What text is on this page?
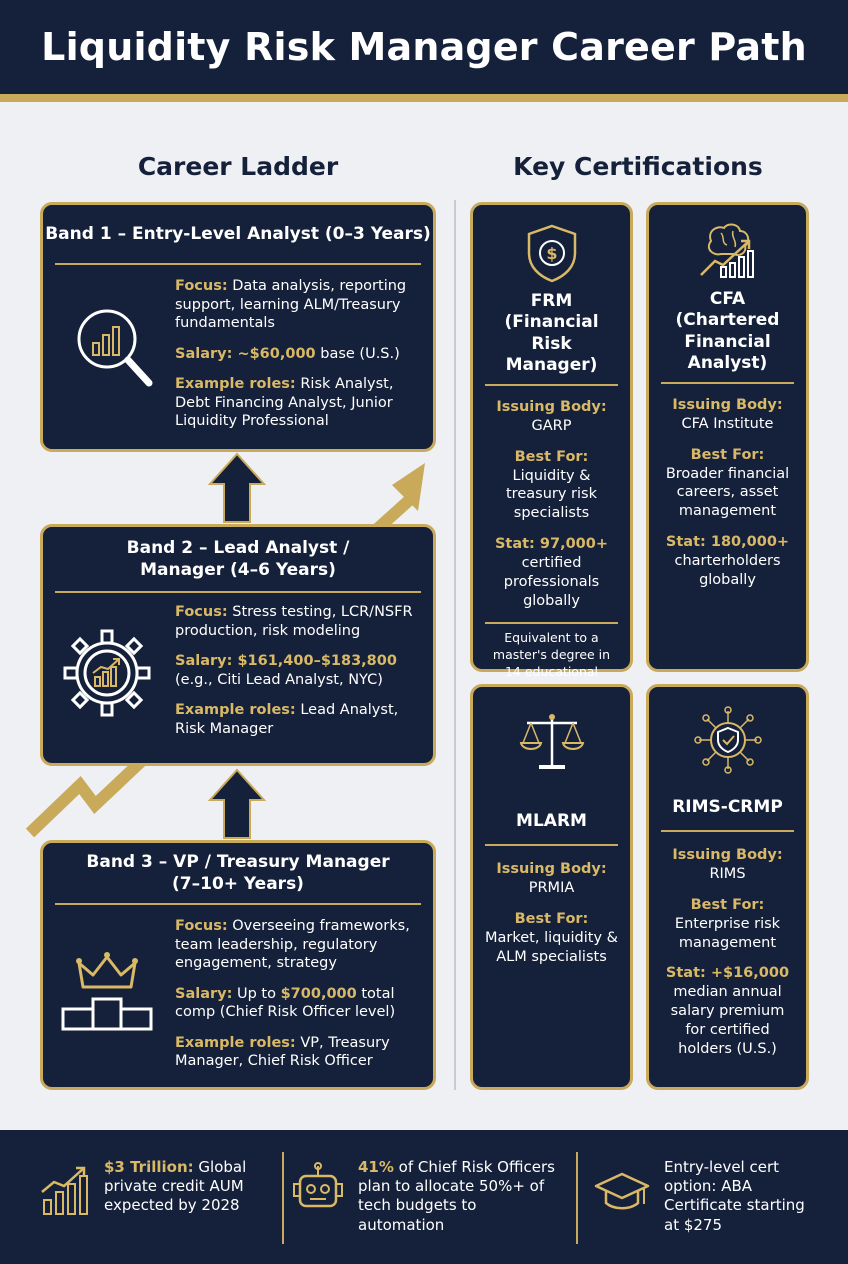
Liquidity Risk Manager Career Path
Career Ladder	Key Certifications
Band 1 – Entry-Level Analyst (0–3 Years)

Focus: Data analysis, reporting support, learning ALM/Treasury fundamentals

Salary: ~$60,000 base (U.S.)

Example roles: Risk Analyst, Debt Financing Analyst, Junior Liquidity Professional

Band 2 – Lead Analyst / Manager (4–6 Years)

Focus: Stress testing, LCR/NSFR production, risk modeling

Salary: $161,400–$183,800 (e.g., Citi Lead Analyst, NYC)

Example roles: Lead Analyst, Risk Manager

Band 3 – VP / Treasury Manager (7–10+ Years)

Focus: Overseeing frameworks, team leadership, regulatory engagement, strategy

Salary: Up to $700,000 total comp (Chief Risk Officer level)

Example roles: VP, Treasury Manager, Chief Risk Officer

$
FRM (Financial Risk Manager)

Issuing Body:
GARP

Best For: Liquidity & treasury risk specialists

Stat: 97,000+ certified professionals globally

Equivalent to a master's degree in 14 educational
CFA (Chartered Financial Analyst)

Issuing Body:
CFA Institute

Best For:
Broader financial careers, asset management

Stat: 180,000+ charterholders globally

MLARM

Issuing Body:
PRMIA

Best For:
Market, liquidity & ALM specialists

RIMS-CRMP

Issuing Body:
RIMS

Best For:
Enterprise risk management

Stat: +$16,000 median annual salary premium for certified holders (U.S.)

$3 Trillion: Global private credit AUM expected by 2028
41% of Chief Risk Officers plan to allocate 50%+ of tech budgets to automation
Entry-level cert option: ABA Certificate starting at $275
